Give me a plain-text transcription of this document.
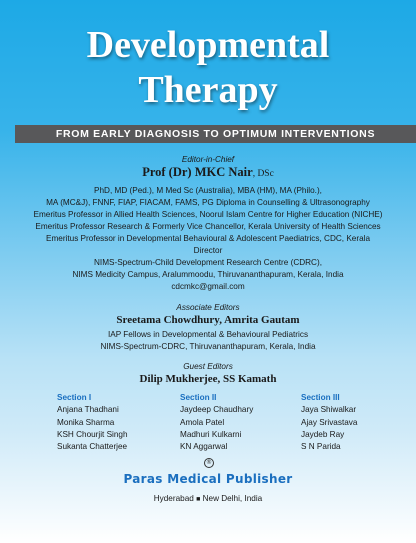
Developmental
Therapy
FROM EARLY DIAGNOSIS TO OPTIMUM INTERVENTIONS
Editor-in-Chief
Prof (Dr) MKC Nair, DSc
PhD, MD (Ped.), M Med Sc (Australia), MBA (HM), MA (Philo.),
MA (MC&J), FNNF, FIAP, FIACAM, FAMS, PG Diploma in Counselling & Ultrasonography
Emeritus Professor in Allied Health Sciences, Noorul Islam Centre for Higher Education (NICHE)
Emeritus Professor Research & Formerly Vice Chancellor, Kerala University of Health Sciences
Emeritus Professor in Developmental Behavioural & Adolescent Paediatrics, CDC, Kerala
Director
NIMS-Spectrum-Child Development Research Centre (CDRC),
NIMS Medicity Campus, Aralummoodu, Thiruvananthapuram, Kerala, India
cdcmkc@gmail.com
Associate Editors
Sreetama Chowdhury, Amrita Gautam
IAP Fellows in Developmental & Behavioural Pediatrics
NIMS-Spectrum-CDRC, Thiruvananthapuram, Kerala, India
Guest Editors
Dilip Mukherjee, SS Kamath
Section I
Anjana Thadhani
Monika Sharma
KSH Chourjit Singh
Sukanta Chatterjee
Section II
Jaydeep Chaudhary
Amola Patel
Madhuri Kulkarni
KN Aggarwal
Section III
Jaya Shiwalkar
Ajay Srivastava
Jaydeb Ray
S N Parida
®
Paras Medical Publisher
Hyderabad ■ New Delhi, India
